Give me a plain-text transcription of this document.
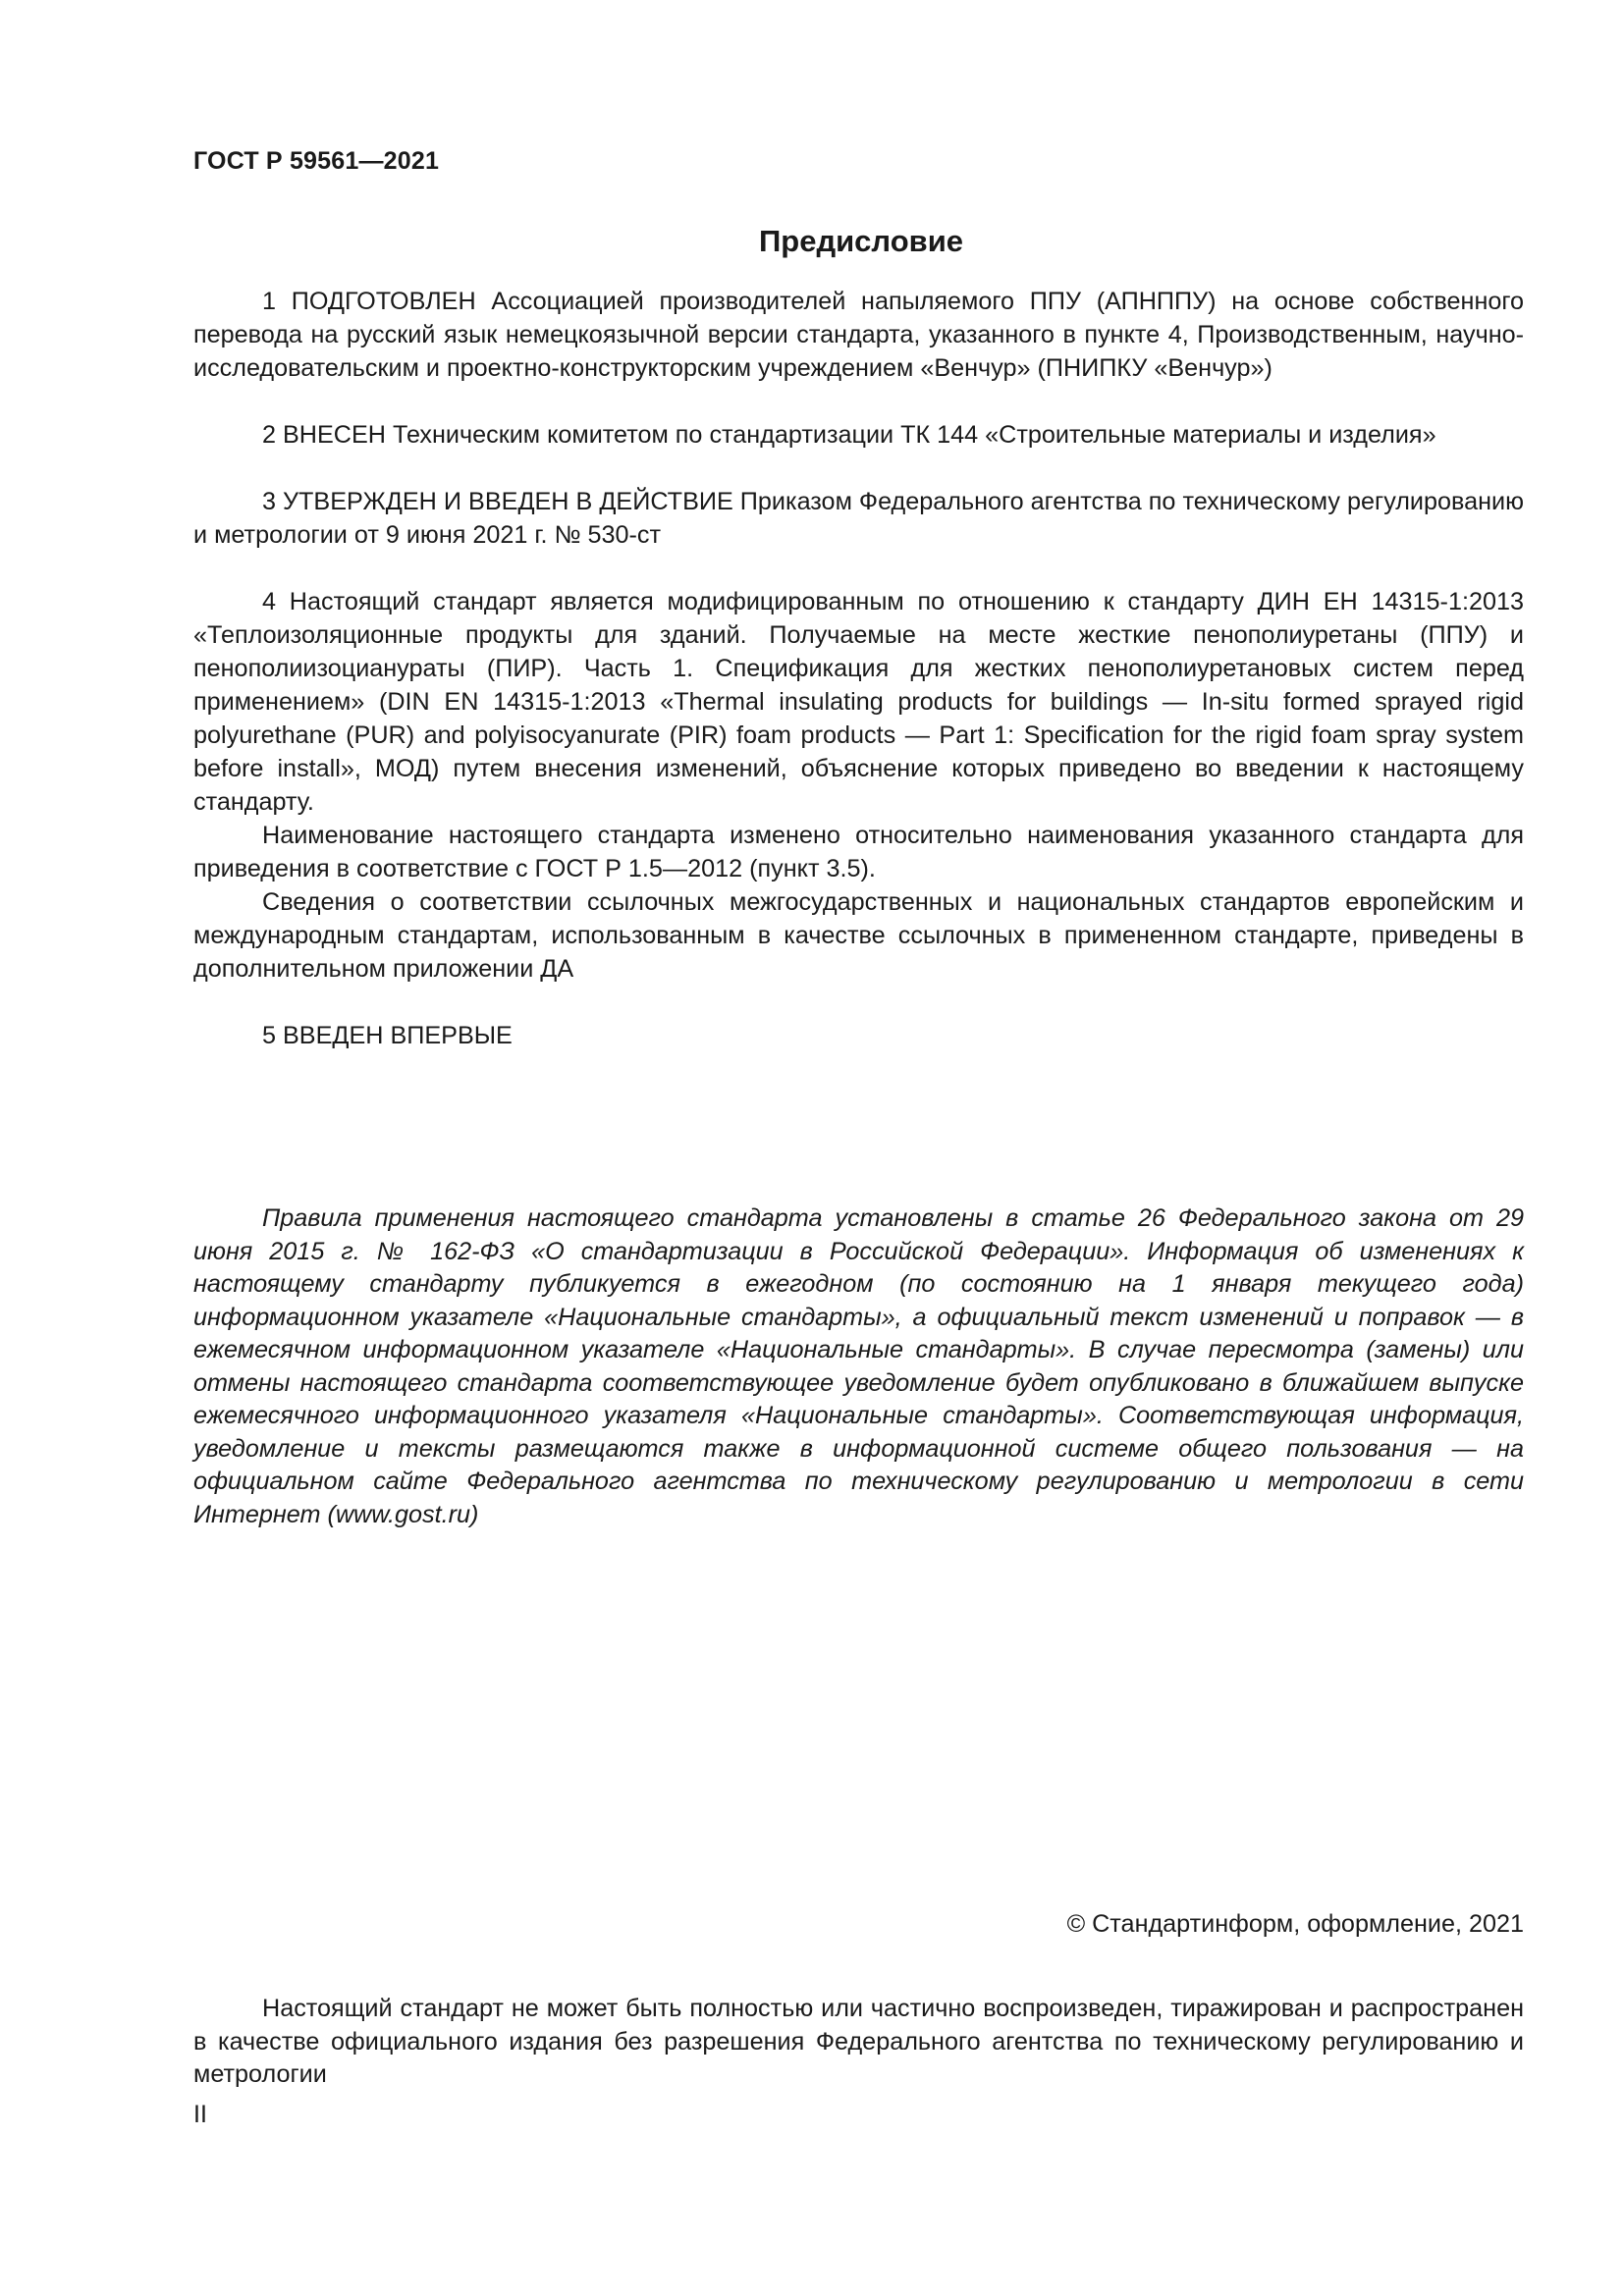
ГОСТ Р 59561—2021
Предисловие

1 ПОДГОТОВЛЕН Ассоциацией производителей напыляемого ППУ (АПНППУ) на основе собственного перевода на русский язык немецкоязычной версии стандарта, указанного в пункте 4, Производственным, научно-исследовательским и проектно-конструкторским учреждением «Венчур» (ПНИПКУ «Венчур»)

2 ВНЕСЕН Техническим комитетом по стандартизации ТК 144 «Строительные материалы и изделия»

3 УТВЕРЖДЕН И ВВЕДЕН В ДЕЙСТВИЕ Приказом Федерального агентства по техническому регулированию и метрологии от 9 июня 2021 г. № 530-ст

4 Настоящий стандарт является модифицированным по отношению к стандарту ДИН ЕН 14315-1:2013 «Теплоизоляционные продукты для зданий. Получаемые на месте жесткие пенополиуретаны (ППУ) и пенополиизоцианураты (ПИР). Часть 1. Спецификация для жестких пенополиуретановых систем перед применением» (DIN EN 14315-1:2013 «Thermal insulating products for buildings — In-situ formed sprayed rigid polyurethane (PUR) and polyisocyanurate (PIR) foam products — Part 1: Specification for the rigid foam spray system before install», МОД) путем внесения изменений, объяснение которых приведено во введении к настоящему стандарту.

Наименование настоящего стандарта изменено относительно наименования указанного стандарта для приведения в соответствие с ГОСТ Р 1.5—2012 (пункт 3.5).

Сведения о соответствии ссылочных межгосударственных и национальных стандартов европейским и международным стандартам, использованным в качестве ссылочных в примененном стандарте, приведены в дополнительном приложении ДА

5 ВВЕДЕН ВПЕРВЫЕ

Правила применения настоящего стандарта установлены в статье 26 Федерального закона от 29 июня 2015 г. № 162-ФЗ «О стандартизации в Российской Федерации». Информация об изменениях к настоящему стандарту публикуется в ежегодном (по состоянию на 1 января текущего года) информационном указателе «Национальные стандарты», а официальный текст изменений и поправок — в ежемесячном информационном указателе «Национальные стандарты». В случае пересмотра (замены) или отмены настоящего стандарта соответствующее уведомление будет опубликовано в ближайшем выпуске ежемесячного информационного указателя «Национальные стандарты». Соответствующая информация, уведомление и тексты размещаются также в информационной системе общего пользования — на официальном сайте Федерального агентства по техническому регулированию и метрологии в сети Интернет (www.gost.ru)

© Стандартинформ, оформление, 2021

Настоящий стандарт не может быть полностью или частично воспроизведен, тиражирован и распространен в качестве официального издания без разрешения Федерального агентства по техническому регулированию и метрологии

II
